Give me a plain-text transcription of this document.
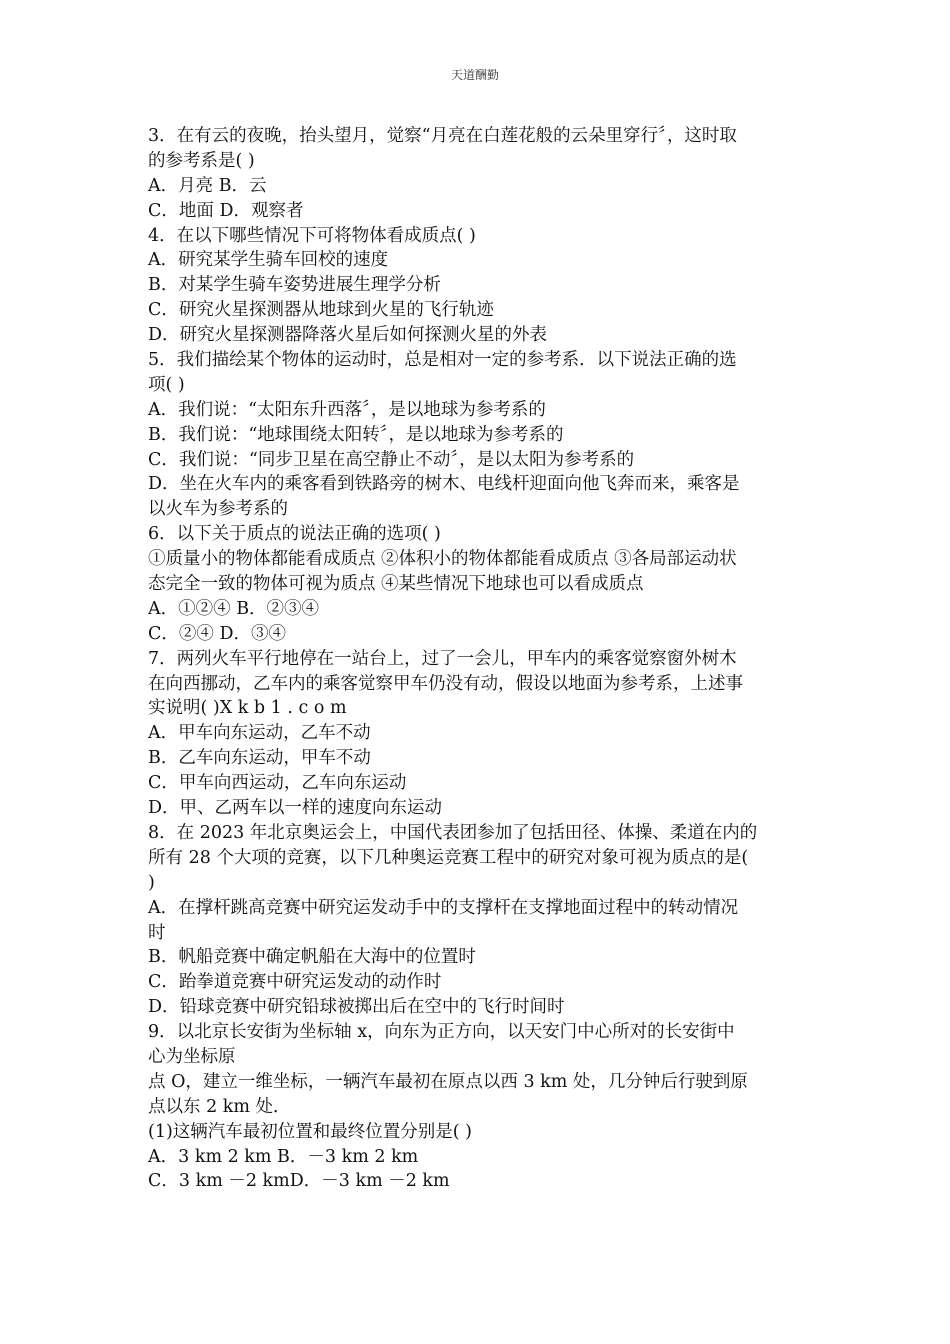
天道酬勤
3．在有云的夜晚，抬头望月，觉察“月亮在白莲花般的云朵里穿行〞，这时取
的参考系是( )
A．月亮 B．云
C．地面 D．观察者
4．在以下哪些情况下可将物体看成质点( )
A．研究某学生骑车回校的速度
B．对某学生骑车姿势进展生理学分析
C．研究火星探测器从地球到火星的飞行轨迹
D．研究火星探测器降落火星后如何探测火星的外表
5．我们描绘某个物体的运动时，总是相对一定的参考系．以下说法正确的选
项( )
A．我们说：“太阳东升西落〞，是以地球为参考系的
B．我们说：“地球围绕太阳转〞，是以地球为参考系的
C．我们说：“同步卫星在高空静止不动〞，是以太阳为参考系的
D．坐在火车内的乘客看到铁路旁的树木、电线杆迎面向他飞奔而来，乘客是
以火车为参考系的
6．以下关于质点的说法正确的选项( )
①质量小的物体都能看成质点 ②体积小的物体都能看成质点 ③各局部运动状
态完全一致的物体可视为质点 ④某些情况下地球也可以看成质点
A．①②④ B．②③④
C．②④ D．③④
7．两列火车平行地停在一站台上，过了一会儿，甲车内的乘客觉察窗外树木
在向西挪动，乙车内的乘客觉察甲车仍没有动，假设以地面为参考系，上述事
实说明( )X k b 1 . c o m
A．甲车向东运动，乙车不动
B．乙车向东运动，甲车不动
C．甲车向西运动，乙车向东运动
D．甲、乙两车以一样的速度向东运动
8．在 2023 年北京奥运会上，中国代表团参加了包括田径、体操、柔道在内的
所有 28 个大项的竞赛，以下几种奥运竞赛工程中的研究对象可视为质点的是(
)
A．在撑杆跳高竞赛中研究运发动手中的支撑杆在支撑地面过程中的转动情况
时
B．帆船竞赛中确定帆船在大海中的位置时
C．跆拳道竞赛中研究运发动的动作时
D．铅球竞赛中研究铅球被掷出后在空中的飞行时间时
9．以北京长安街为坐标轴 x，向东为正方向，以天安门中心所对的长安街中
心为坐标原
点 O，建立一维坐标，一辆汽车最初在原点以西 3 km 处，几分钟后行驶到原
点以东 2 km 处．
(1)这辆汽车最初位置和最终位置分别是( )
A．3 km 2 km B．－3 km 2 km
C．3 km －2 kmD．－3 km －2 km
